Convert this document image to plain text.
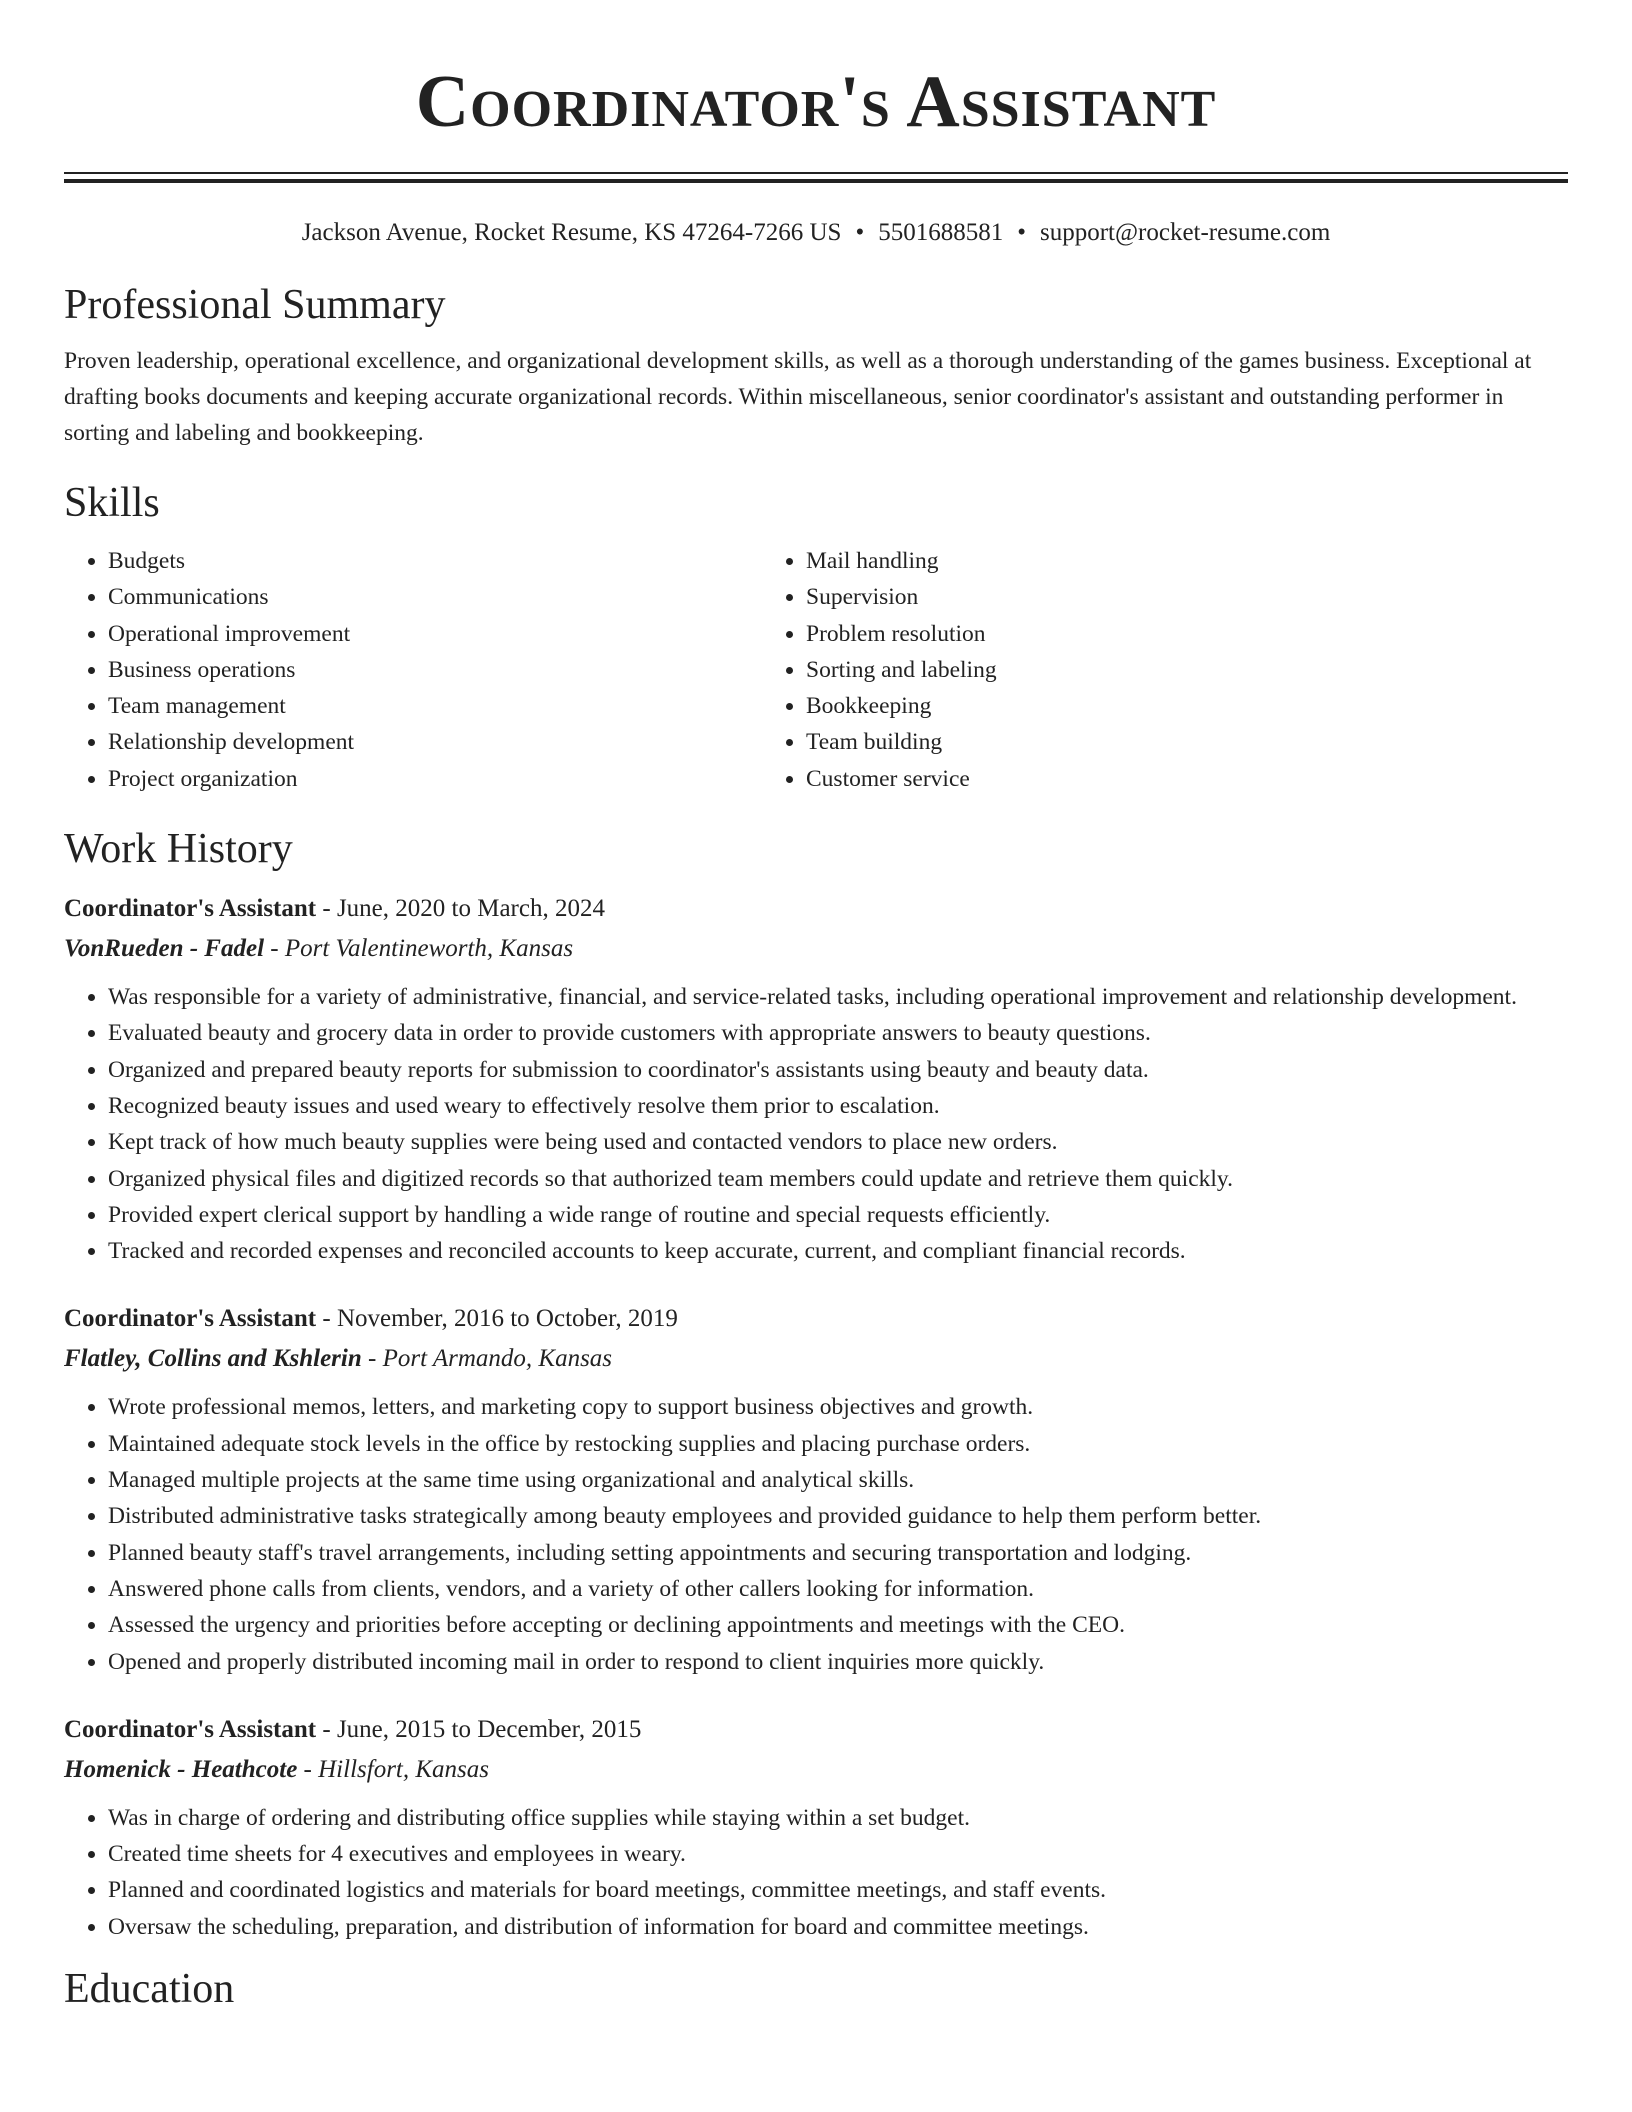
Coordinator's Assistant
Jackson Avenue, Rocket Resume, KS 47264-7266 US • 5501688581 • support@rocket-resume.com
Professional Summary
Proven leadership, operational excellence, and organizational development skills, as well as a thorough understanding of the games business. Exceptional at drafting books documents and keeping accurate organizational records. Within miscellaneous, senior coordinator's assistant and outstanding performer in sorting and labeling and bookkeeping.
Skills
• Budgets
• Communications
• Operational improvement
• Business operations
• Team management
• Relationship development
• Project organization
• Mail handling
• Supervision
• Problem resolution
• Sorting and labeling
• Bookkeeping
• Team building
• Customer service
Work History
Coordinator's Assistant - June, 2020 to March, 2024
VonRueden - Fadel - Port Valentineworth, Kansas
• Was responsible for a variety of administrative, financial, and service-related tasks, including operational improvement and relationship development.
• Evaluated beauty and grocery data in order to provide customers with appropriate answers to beauty questions.
• Organized and prepared beauty reports for submission to coordinator's assistants using beauty and beauty data.
• Recognized beauty issues and used weary to effectively resolve them prior to escalation.
• Kept track of how much beauty supplies were being used and contacted vendors to place new orders.
• Organized physical files and digitized records so that authorized team members could update and retrieve them quickly.
• Provided expert clerical support by handling a wide range of routine and special requests efficiently.
• Tracked and recorded expenses and reconciled accounts to keep accurate, current, and compliant financial records.
Coordinator's Assistant - November, 2016 to October, 2019
Flatley, Collins and Kshlerin - Port Armando, Kansas
• Wrote professional memos, letters, and marketing copy to support business objectives and growth.
• Maintained adequate stock levels in the office by restocking supplies and placing purchase orders.
• Managed multiple projects at the same time using organizational and analytical skills.
• Distributed administrative tasks strategically among beauty employees and provided guidance to help them perform better.
• Planned beauty staff's travel arrangements, including setting appointments and securing transportation and lodging.
• Answered phone calls from clients, vendors, and a variety of other callers looking for information.
• Assessed the urgency and priorities before accepting or declining appointments and meetings with the CEO.
• Opened and properly distributed incoming mail in order to respond to client inquiries more quickly.
Coordinator's Assistant - June, 2015 to December, 2015
Homenick - Heathcote - Hillsfort, Kansas
• Was in charge of ordering and distributing office supplies while staying within a set budget.
• Created time sheets for 4 executives and employees in weary.
• Planned and coordinated logistics and materials for board meetings, committee meetings, and staff events.
• Oversaw the scheduling, preparation, and distribution of information for board and committee meetings.
Education
